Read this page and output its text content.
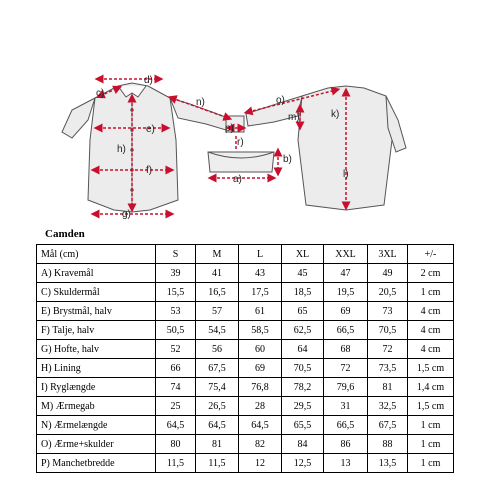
d)
c)
e)
h)
f)
g)
n)
p)
r)
b)
a)
o)
m)	k)
l)
Camden
Mål (cm)	S	M	L	XL	XXL	3XL	+/-
A) Kravemål	39	41	43	45	47	49	2 cm
C) Skuldermål	15,5	16,5	17,5	18,5	19,5	20,5	1 cm
E) Brystmål, halv	53	57	61	65	69	73	4 cm
F) Talje, halv	50,5	54,5	58,5	62,5	66,5	70,5	4 cm
G) Hofte, halv	52	56	60	64	68	72	4 cm
H) Lining	66	67,5	69	70,5	72	73,5	1,5 cm
I) Ryglængde	74	75,4	76,8	78,2	79,6	81	1,4 cm
M) Ærmegab	25	26,5	28	29,5	31	32,5	1,5 cm
N) Ærmelængde	64,5	64,5	64,5	65,5	66,5	67,5	1 cm
O) Ærme+skulder	80	81	82	84	86	88	1 cm
P) Manchetbredde	11,5	11,5	12	12,5	13	13,5	1 cm
